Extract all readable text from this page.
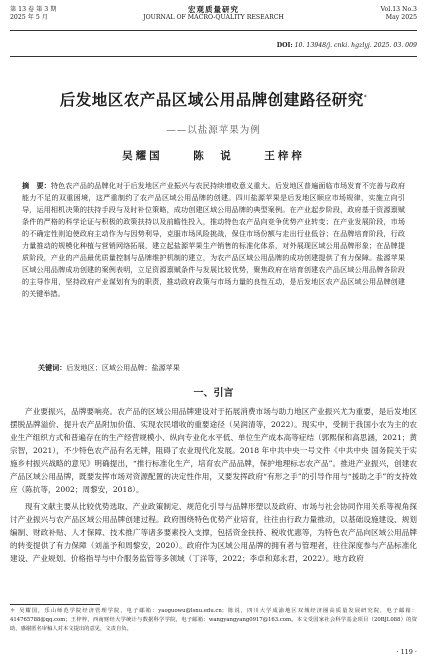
第 13 卷 第 3 期
2025 年 5 月
宏观质量研究
JOURNAL OF MACRO-QUALITY RESEARCH
Vol.13 No.3
May 2025
DOI: 10. 13948/j. cnki. hgzlyj. 2025. 03. 009
后发地区农产品区域公用品牌创建路径研究*
——以盐源苹果为例
吴耀国	陈　说	王梓梓
摘　要：特色农产品的品牌化对于后发地区产业振兴与农民持续增收意义重大。后发地区普遍面临市场发育不完善与政府能力不足的双重困境，这严重制约了农产品区域公用品牌的创建。四川盐源苹果是后发地区顺应市场规律，实施立向引导，运用相机决策的扶持手段与及时补位策略，成功创建区域公用品牌的典型案例。在产业起步阶段，政府基于资源禀赋条件的严格的科学论证与积极的政策扶持以及前瞻性投入，推动特色农产品向竞争优势产业转变；在产业发展阶段，市场的不确定性则迫使政府主动作为与因势利导，克服市场风险挑战，保住市场份额与走出行业低谷；在品牌培育阶段，行政力量推动的规模化种植与营销网络拓展，建立起盐源苹果生产销售的标准化体系，对外展现区域公用品牌形象；在品牌提质阶段，产业的产品最优质量控制与品牌维护机制的建立，为农产品区域公用品牌的成功创建提供了有力保障。盐源苹果区域公用品牌成功创建的案例表明，立足资源禀赋条件与发展比较优势，聚焦政府在培育创建农产品区域公用品牌各阶段的主导作用，坚持政府产业谋划有为的职责，推动政府政策与市场力量的良性互动，是后发地区农产品区域公用品牌创建的关键举措。
关键词：后发地区；区域公用品牌；盐源苹果
一、引言

产业要振兴，品牌要响亮。农产品的区域公用品牌建设对于拓展消费市场与助力地区产业振兴尤为重要，是后发地区摆脱品牌溢价、提升农产品附加价值、实现农民增收的重要途径（吴润清等，2022）。现实中，受制于我国小农为主的农业生产组织方式和普遍存在的生产经营规模小、纵向专业化水平低、单位生产成本高等症结（郭熙保和高思涵，2021；黄宗智，2021），不少特色农产品有名无牌，阻碍了农业现代化发展。2018 年中共中央一号文件《中共中央 国务院关于实施乡村振兴战略的意见》明确提出，“推行标准化生产，培育农产品品牌，保护地理标志农产品”。推进产业振兴，创建农产品区域公用品牌，既要发挥市场对资源配置的决定性作用，又要发挥政府“有形之手”的引导作用与“援助之手”的支持效应（陈抗等，2002；周黎安，2018）。

现有文献主要从比较优势选取、产业政策制定、规范化引导与品牌形塑以及政府、市场与社会协同作用关系等视角探讨产业振兴与农产品区域公用品牌创建过程。政府围绕特色优势产业培育，往往由行政力量推动，以基础设施建设、规划编制、财政补贴、人才保障、技术推广等诸多要素投入支撑，包括资金扶持、税收优惠等，为特色农产品向区域公用品牌的转变提供了有力保障（刘盖予和周黎安，2020）。政府作为区域公用品牌的拥有者与管理者，往往深度参与产品标准化建设、产业规划、价格指导与中介服务监管等多领域（丁洋等，2022；李卓和郑永君，2022）。地方政府

＊ 吴耀国，乐山师范学院经济管理学院，电子邮箱：yaoguowu@lsnu.edu.cn；陈说，四川大学成渝地区双城经济圈高质量发展研究院，电子邮箱：414765788@qq.com；王梓梓，西南财经大学统计与数据科学学院，电子邮箱：wangyangyang0917@163.com。本文受国家社会科学基金项目（20BJL088）的资助，感谢匿名审稿人对本文提出的意见，文责自负。
· 119 ·
